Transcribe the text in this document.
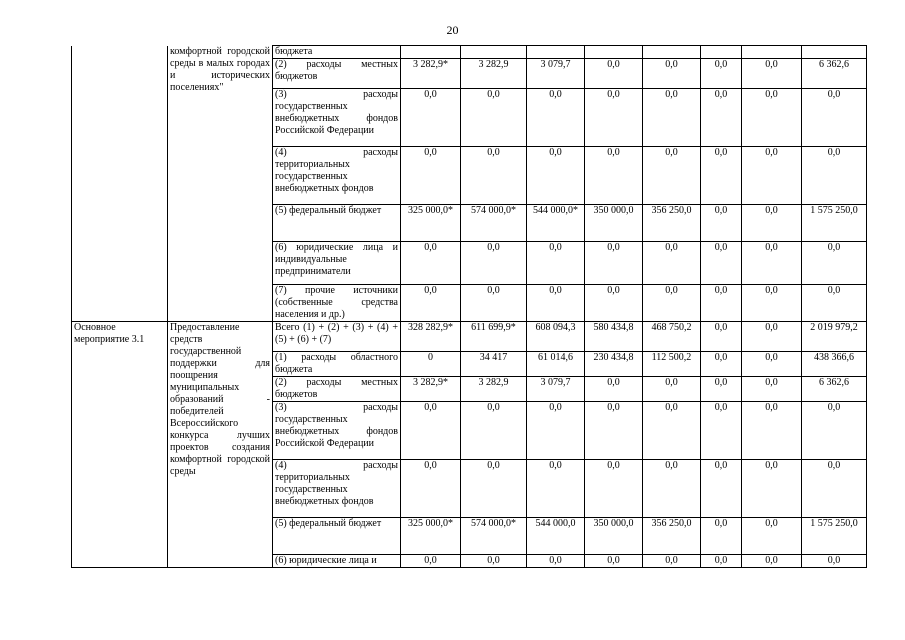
20
	комфортной городской среды в малых городах и исторических поселениях"	бюджета								
		(2) расходы местных бюджетов	3 282,9*	3 282,9	3 079,7	0,0	0,0	0,0	0,0	6 362,6
		(3) расходы государственных внебюджетных фондов Российской Федерации	0,0	0,0	0,0	0,0	0,0	0,0	0,0	0,0
		(4) расходы территориальных государственных внебюджетных фондов	0,0	0,0	0,0	0,0	0,0	0,0	0,0	0,0
		(5) федеральный бюджет	325 000,0*	574 000,0*	544 000,0*	350 000,0	356 250,0	0,0	0,0	1 575 250,0
		(6) юридические лица и индивидуальные предприниматели	0,0	0,0	0,0	0,0	0,0	0,0	0,0	0,0
		(7) прочие источники (собственные средства населения и др.)	0,0	0,0	0,0	0,0	0,0	0,0	0,0	0,0
Основное мероприятие 3.1	Предоставление средств государственной поддержки для поощрения муниципальных образований - победителей Всероссийского конкурса лучших проектов создания комфортной городской среды	Всего (1) + (2) + (3) + (4) + (5) + (6) + (7)	328 282,9*	611 699,9*	608 094,3	580 434,8	468 750,2	0,0	0,0	2 019 979,2
		(1) расходы областного бюджета	0	34 417	61 014,6	230 434,8	112 500,2	0,0	0,0	438 366,6
		(2) расходы местных бюджетов	3 282,9*	3 282,9	3 079,7	0,0	0,0	0,0	0,0	6 362,6
		(3) расходы государственных внебюджетных фондов Российской Федерации	0,0	0,0	0,0	0,0	0,0	0,0	0,0	0,0
		(4) расходы территориальных государственных внебюджетных фондов	0,0	0,0	0,0	0,0	0,0	0,0	0,0	0,0
		(5) федеральный бюджет	325 000,0*	574 000,0*	544 000,0	350 000,0	356 250,0	0,0	0,0	1 575 250,0
		(6) юридические лица и	0,0	0,0	0,0	0,0	0,0	0,0	0,0	0,0
